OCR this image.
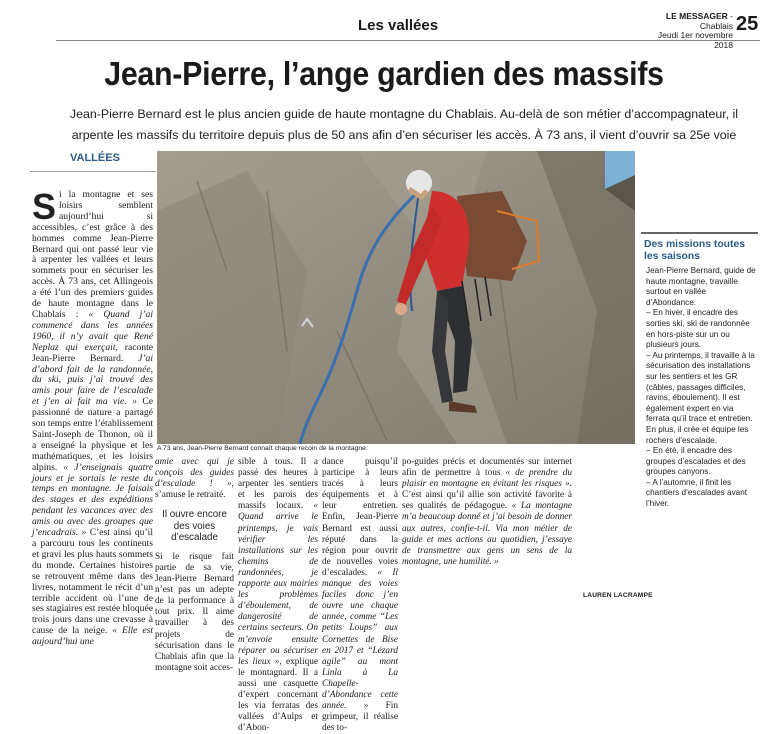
Les vallées
LE MESSAGER - Chablais
Jeudi 1er novembre 2018
25
Jean-Pierre, l’ange gardien des massifs

Jean-Pierre Bernard est le plus ancien guide de haute montagne du Chablais. Au-delà de son métier d’accompagnateur, il arpente les massifs du territoire depuis plus de 50 ans afin d’en sécuriser les accès. À 73 ans, il vient d’ouvrir sa 25e voie

VALLÉES
Si la montagne et ses loisirs semblent aujourd’hui si accessibles, c’est grâce à des hommes comme Jean-Pierre Bernard qui ont passé leur vie à arpenter les vallées et leurs sommets pour en sécuriser les accès. À 73 ans, cet Allingeois a été l’un des premiers guides de haute montagne dans le Chablais : « Quand j’ai commencé dans les années 1960, il n’y avait que René Neplaz qui exerçait, raconte Jean-Pierre Bernard. J’ai d’abord fait de la randonnée, du ski, puis j’ai trouvé des amis pour faire de l’escalade et j’en ai fait ma vie. » Ce passionné de nature a partagé son temps entre l’établissement Saint-Joseph de Thonon, où il a enseigné la physique et les mathématiques, et les loisirs alpins. « J’enseignais quatre jours et je sortais le reste du temps en montagne. Je faisais des stages et des expéditions pendant les vacances avec des amis ou avec des groupes que j’encadrais. » C’est ainsi qu’il a parcouru tous les continents et gravi les plus hauts sommets du monde. Certaines histoires se retrouvent même dans des livres, notamment le récit d’un terrible accident où l’une de ses stagiaires est restée bloquée trois jours dans une crevasse à cause de la neige. « Elle est aujourd’hui une
A 73 ans, Jean-Pierre Bernard connaît chaque recoin de la montagne.
amie avec qui je conçois des guides d’escalade ! », s’amuse le retraité.
Il ouvre encore des voies d’escalade
Si le risque fait partie de sa vie, Jean-Pierre Bernard n’est pas un adepte de la performance à tout prix. Il aime travailler à des projets de sécurisation dans le Chablais afin que la montagne soit acces-
sible à tous. Il a passé des heures à arpenter les sentiers et les parois des massifs locaux. « Quand arrive le printemps, je vais vérifier les installations sur les chemins de randonnées, je rapporte aux mairies les problèmes d’éboulement, de dangerosité de certains secteurs. On m’envoie ensuite réparer ou sécuriser les lieux », explique le montagnard. Il a aussi une casquette d’expert concernant les via ferratas des vallées d’Aulps et d’Abon-
dance puisqu’il participe à leurs tracés à leurs équipements et à leur entretien. Enfin, Jean-Pierre Bernard est aussi réputé dans la région pour ouvrir de nouvelles voies d’escalades. « Il manque des voies faciles donc j’en ouvre une chaque année, comme “Les petits Loups” aux Cornettes de Bise en 2017 et “Lézard agile” au mont Linla à La Chapelle-d’Abondance cette année. » Fin grimpeur, il réalise des to-
po-guides précis et documentés sur internet afin de permettre à tous « de prendre du plaisir en montagne en évitant les risques ». C’est ainsi qu’il allie son activité favorite à ses qualités de pédagogue. « La montagne m’a beaucoup donné et j’ai besoin de donner aux autres, confie-t-il. Via mon métier de guide et mes actions au quotidien, j’essaye de transmettre aux gens un sens de la montagne, une humilité. »
LAUREN LACRAMPE
Des missions toutes les saisons

Jean-Pierre Bernard, guide de haute montagne, travaille surtout en vallée d’Abondance.

– En hiver, il encadre des sorties ski, ski de randonnée en hors-piste sur un ou plusieurs jours.

– Au printemps, il travaille à la sécurisation des installations sur les sentiers et les GR (câbles, passages difficiles, ravins, éboulement). Il est également expert en via ferrata qu’il trace et entretien. En plus, il crée et équipe les rochers d’escalade.

– En été, il encadre des groupes d’escalades et des groupes canyons.

– A l’automne, il finit les chantiers d’escalades avant l’hiver.
